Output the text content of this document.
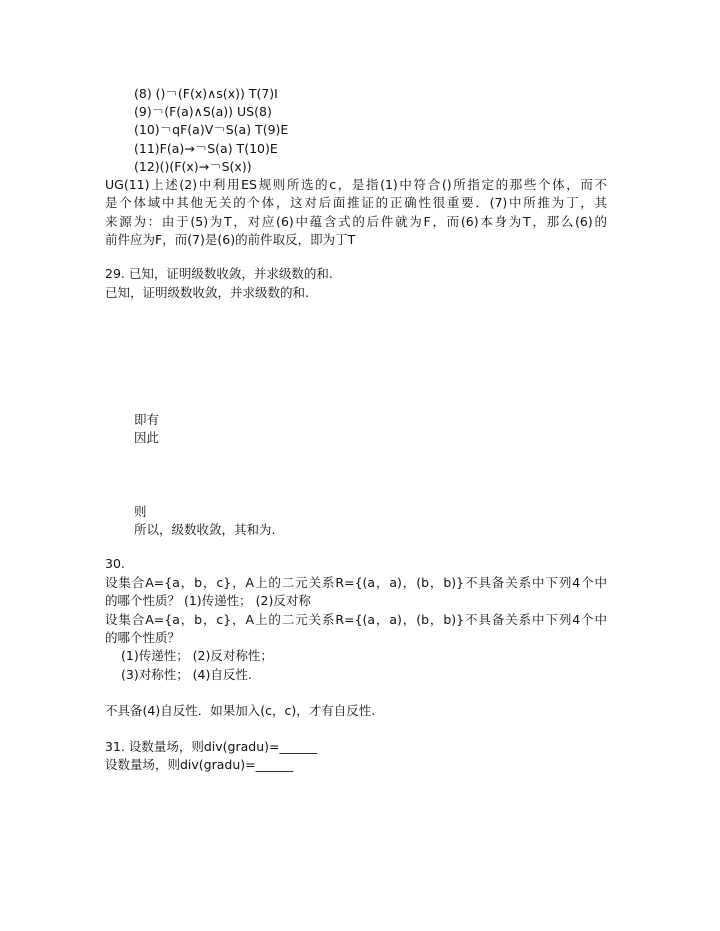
(8) ()￢(F(x)∧s(x)) T(7)I
(9)￢(F(a)∧S(a)) US(8)
(10)￢qF(a)V￢S(a) T(9)E
(11)F(a)→￢S(a) T(10)E
(12)()(F(x)→￢S(x))
UG(11)上述(2)中利用ES规则所选的c，是指(1)中符合()所指定的那些个体，而不
是个体域中其他无关的个体，这对后面推证的正确性很重要．(7)中所推为丁，其
来源为：由于(5)为T，对应(6)中蕴含式的后件就为F，而(6)本身为T，那么(6)的
前件应为F，而(7)是(6)的前件取反，即为丁T
29. 已知，证明级数收敛，并求级数的和.
已知，证明级数收敛，并求级数的和.
即有
因此
则
所以，级数收敛，其和为.
30.
设集合A={a，b，c}，A上的二元关系R={(a，a)，(b，b)}不具备关系中下列4个中
的哪个性质？ (1)传递性； (2)反对称
设集合A={a，b，c}，A上的二元关系R={(a，a)，(b，b)}不具备关系中下列4个中
的哪个性质？
(1)传递性； (2)反对称性；
(3)对称性； (4)自反性.
不具备(4)自反性．如果加入(c，c)，才有自反性.
31. 设数量场，则div(gradu)=______
设数量场，则div(gradu)=______
